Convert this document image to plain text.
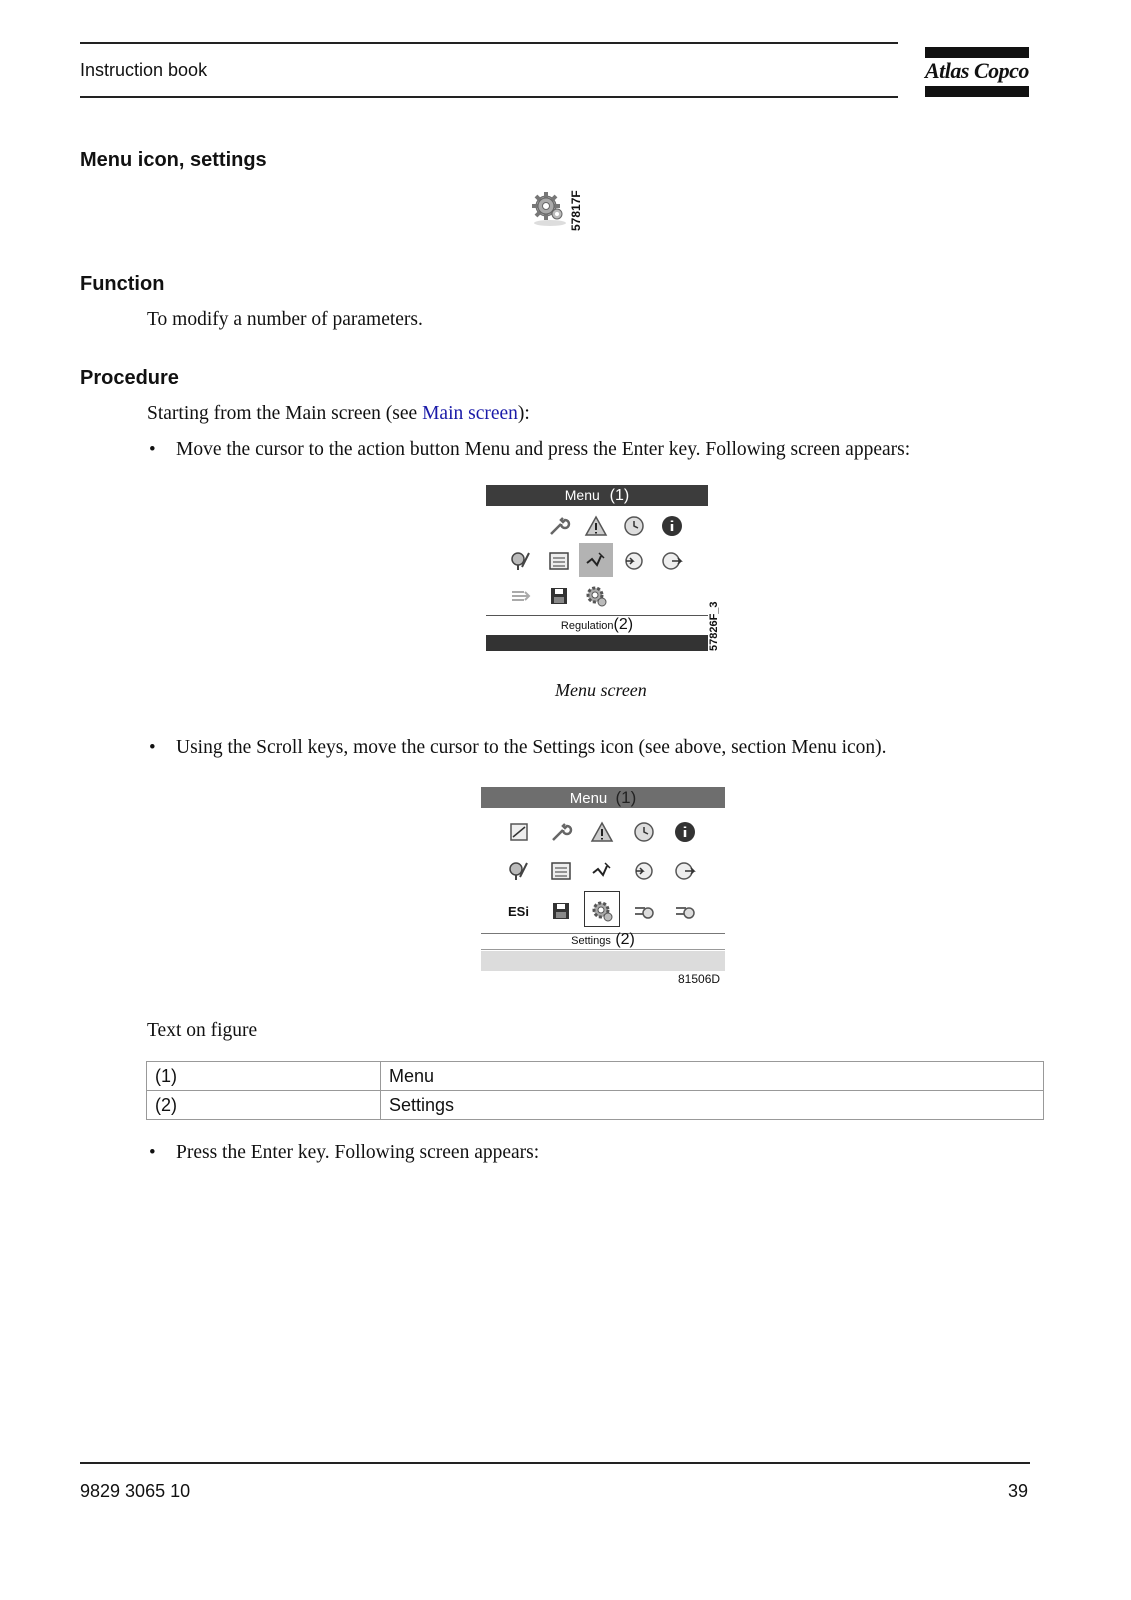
Instruction book	Atlas Copco
Menu icon, settings
57817F
Function
To modify a number of parameters.
Procedure
Starting from the Main screen (see Main screen):
• Move the cursor to the action button Menu and press the Enter key. Following screen appears:
Menu (1)
Regulation(2)	57826F_3
Menu screen
• Using the Scroll keys, move the cursor to the Settings icon (see above, section Menu icon).
Menu (1)
ESi
Settings (2)
81506D
Text on figure
(1)	Menu
(2)	Settings
• Press the Enter key. Following screen appears:
9829 3065 10	39
